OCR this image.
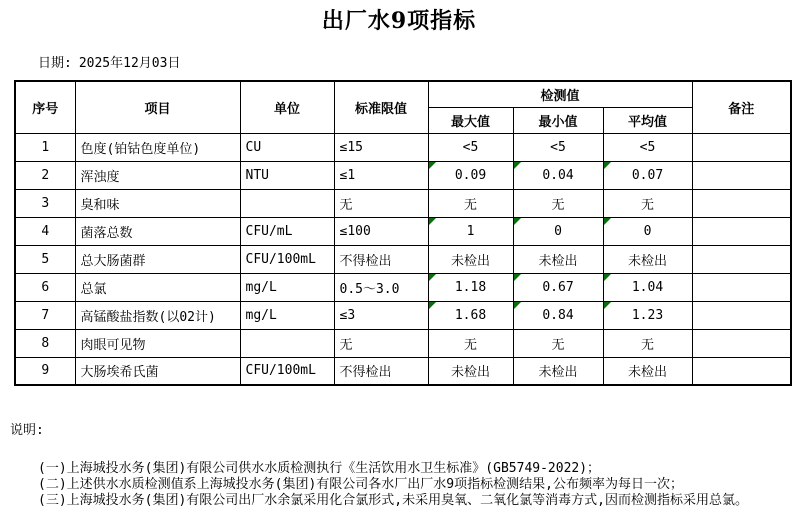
出厂水9项指标
日期: 2025年12月03日
序号	项目	单位	标准限值	检测值			备注
				最大值	最小值	平均值	
1	色度(铂钴色度单位)	CU	≤15	<5	<5	<5	
2	浑浊度	NTU	≤1	0.09	0.04	0.07	
3	臭和味		无	无	无	无	
4	菌落总数	CFU/mL	≤100	1	0	0	
5	总大肠菌群	CFU/100mL	不得检出	未检出	未检出	未检出	
6	总氯	mg/L	0.5～3.0	1.18	0.67	1.04	
7	高锰酸盐指数(以02计)	mg/L	≤3	1.68	0.84	1.23	
8	肉眼可见物		无	无	无	无	
9	大肠埃希氏菌	CFU/100mL	不得检出	未检出	未检出	未检出	
说明:
(一)上海城投水务(集团)有限公司供水水质检测执行《生活饮用水卫生标准》(GB5749-2022)；
(二)上述供水水质检测值系上海城投水务(集团)有限公司各水厂出厂水9项指标检测结果,公布频率为每日一次；
(三)上海城投水务(集团)有限公司出厂水余氯采用化合氯形式,未采用臭氧、二氧化氯等消毒方式,因而检测指标采用总氯。
